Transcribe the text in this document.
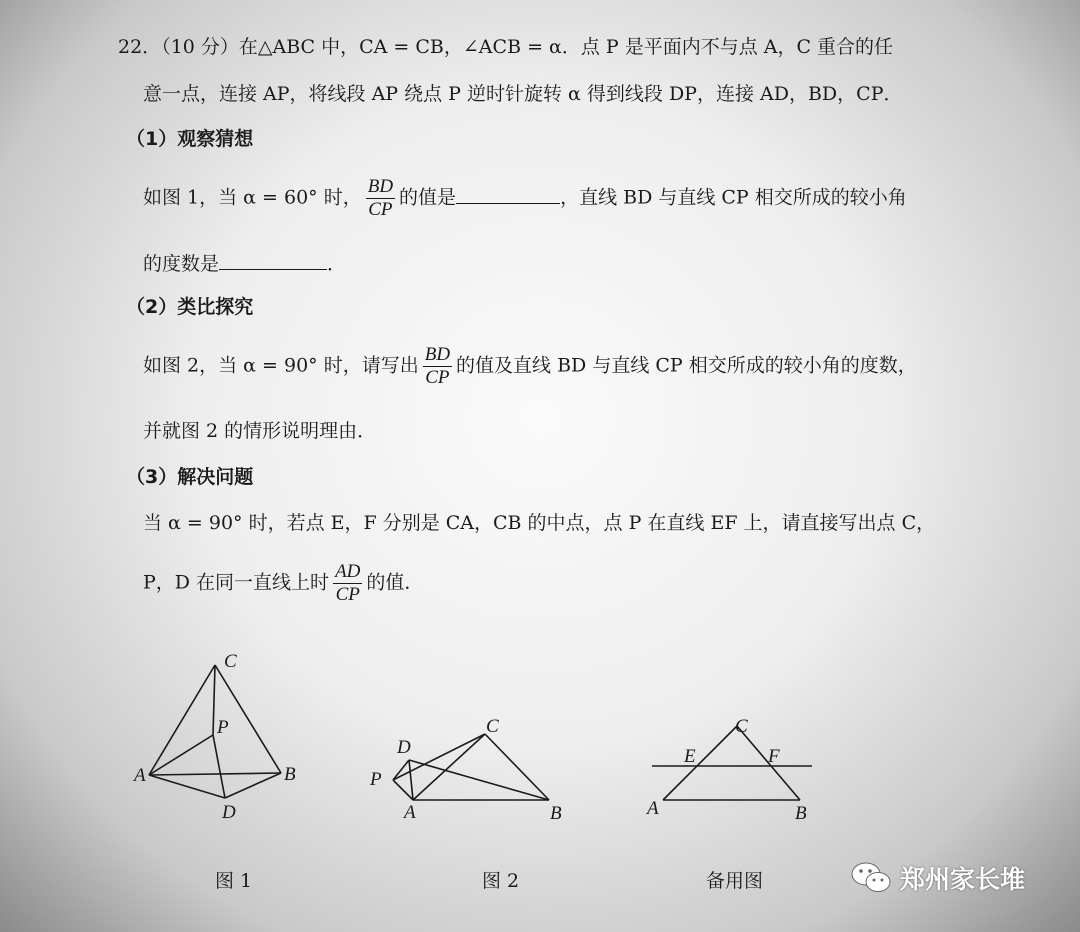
22．（10 分）在△ABC 中，CA = CB，∠ACB = α．点 P 是平面内不与点 A，C 重合的任
意一点，连接 AP，将线段 AP 绕点 P 逆时针旋转 α 得到线段 DP，连接 AD，BD，CP．
（1）观察猜想
如图 1，当 α = 60° 时， $\frac{BD}{CP}$ 的值是	，直线 BD 与直线 CP 相交所成的较小角
的度数是	．
（2）类比探究
如图 2，当 α = 90° 时，请写出 $\frac{BD}{CP}$ 的值及直线 BD 与直线 CP 相交所成的较小角的度数，
并就图 2 的情形说明理由．
（3）解决问题
当 α = 90° 时，若点 E，F 分别是 CA，CB 的中点，点 P 在直线 EF 上，请直接写出点 C，
P，D 在同一直线上时 $\frac{AD}{CP}$ 的值．
C
P
A	B
D
C
D
P
A	B
C
E	F
A	B
图 1	图 2	备用图	郑州家长堆
